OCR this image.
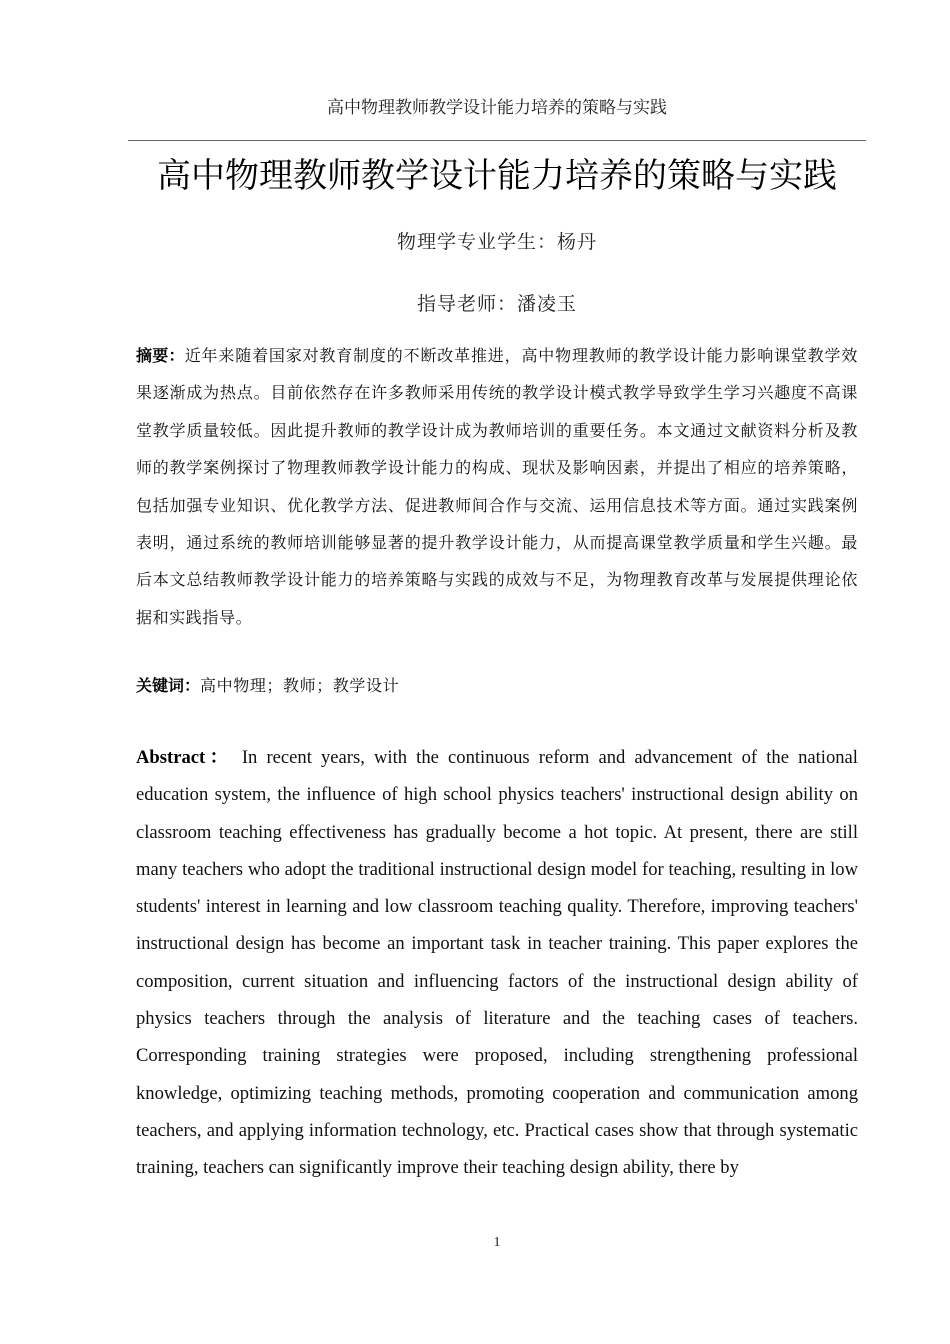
高中物理教师教学设计能力培养的策略与实践
高中物理教师教学设计能力培养的策略与实践
物理学专业学生：杨丹
指导老师：潘凌玉
摘要：近年来随着国家对教育制度的不断改革推进，高中物理教师的教学设计能力影响课堂教学效果逐渐成为热点。目前依然存在许多教师采用传统的教学设计模式教学导致学生学习兴趣度不高课堂教学质量较低。因此提升教师的教学设计成为教师培训的重要任务。本文通过文献资料分析及教师的教学案例探讨了物理教师教学设计能力的构成、现状及影响因素，并提出了相应的培养策略，包括加强专业知识、优化教学方法、促进教师间合作与交流、运用信息技术等方面。通过实践案例表明，通过系统的教师培训能够显著的提升教学设计能力，从而提高课堂教学质量和学生兴趣。最后本文总结教师教学设计能力的培养策略与实践的成效与不足，为物理教育改革与发展提供理论依据和实践指导。
关键词：高中物理；教师；教学设计
Abstract： In recent years, with the continuous reform and advancement of the national education system, the influence of high school physics teachers' instructional design ability on classroom teaching effectiveness has gradually become a hot topic. At present, there are still many teachers who adopt the traditional instructional design model for teaching, resulting in low students' interest in learning and low classroom teaching quality. Therefore, improving teachers' instructional design has become an important task in teacher training. This paper explores the composition, current situation and influencing factors of the instructional design ability of physics teachers through the analysis of literature and the teaching cases of teachers. Corresponding training strategies were proposed, including strengthening professional knowledge, optimizing teaching methods, promoting cooperation and communication among teachers, and applying information technology, etc. Practical cases show that through systematic training, teachers can significantly improve their teaching design ability, there by
1
